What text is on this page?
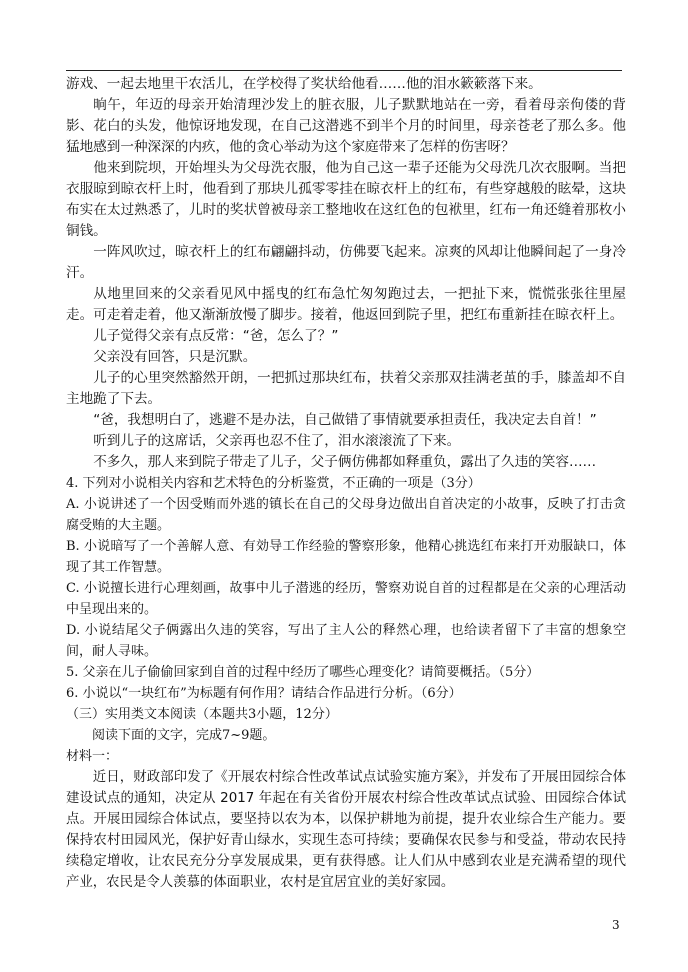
游戏、一起去地里干农活儿，在学校得了奖状给他看……他的泪水簌簌落下来。

晌午，年迈的母亲开始清理沙发上的脏衣服，儿子默默地站在一旁，看着母亲佝偻的背影、花白的头发，他惊讶地发现，在自己这潜逃不到半个月的时间里，母亲苍老了那么多。他猛地感到一种深深的内疚，他的贪心举动为这个家庭带来了怎样的伤害呀？

他来到院坝，开始埋头为父母洗衣服，他为自己这一辈子还能为父母洗几次衣服啊。当把衣服晾到晾衣杆上时，他看到了那块儿孤零零挂在晾衣杆上的红布，有些穿越般的眩晕，这块布实在太过熟悉了，儿时的奖状曾被母亲工整地收在这红色的包袱里，红布一角还缝着那枚小铜钱。

一阵风吹过，晾衣杆上的红布翩翩抖动，仿佛要飞起来。凉爽的风却让他瞬间起了一身冷汗。

从地里回来的父亲看见风中摇曳的红布急忙匆匆跑过去，一把扯下来，慌慌张张往里屋走。可走着走着，他又渐渐放慢了脚步。接着，他返回到院子里，把红布重新挂在晾衣杆上。

儿子觉得父亲有点反常：“爸，怎么了？”

父亲没有回答，只是沉默。

儿子的心里突然豁然开朗，一把抓过那块红布，扶着父亲那双挂满老茧的手，膝盖却不自主地跪了下去。

“爸，我想明白了，逃避不是办法，自己做错了事情就要承担责任，我决定去自首！”

听到儿子的这席话，父亲再也忍不住了，泪水滚滚流了下来。

不多久，那人来到院子带走了儿子，父子俩仿佛都如释重负，露出了久违的笑容……

4. 下列对小说相关内容和艺术特色的分析鉴赏，不正确的一项是（3分）

A. 小说讲述了一个因受贿而外逃的镇长在自己的父母身边做出自首决定的小故事，反映了打击贪腐受贿的大主题。

B. 小说暗写了一个善解人意、有効导工作经验的警察形象，他精心挑选红布来打开劝服缺口，体现了其工作智慧。

C. 小说擅长进行心理刻画，故事中儿子潜逃的经历，警察劝说自首的过程都是在父亲的心理活动中呈现出来的。

D. 小说结尾父子俩露出久违的笑容，写出了主人公的释然心理，也给读者留下了丰富的想象空间，耐人寻味。

5. 父亲在儿子偷偷回家到自首的过程中经历了哪些心理变化？请简要概括。（5分）

6. 小说以“一块红布”为标题有何作用？请结合作品进行分析。（6分）

（三）实用类文本阅读（本题共3小题，12分）

阅读下面的文字，完成7~9题。

材料一：

近日，财政部印发了《开展农村综合性改革试点试验实施方案》，并发布了开展田园综合体建设试点的通知，决定从 2017 年起在有关省份开展农村综合性改革试点试验、田园综合体试点。开展田园综合体试点，要坚持以农为本，以保护耕地为前提，提升农业综合生产能力。要保持农村田园风光，保护好青山绿水，实现生态可持续；要确保农民参与和受益，带动农民持续稳定增收，让农民充分分享发展成果，更有获得感。让人们从中感到农业是充满希望的现代产业，农民是令人羡慕的体面职业，农村是宜居宜业的美好家园。

3
